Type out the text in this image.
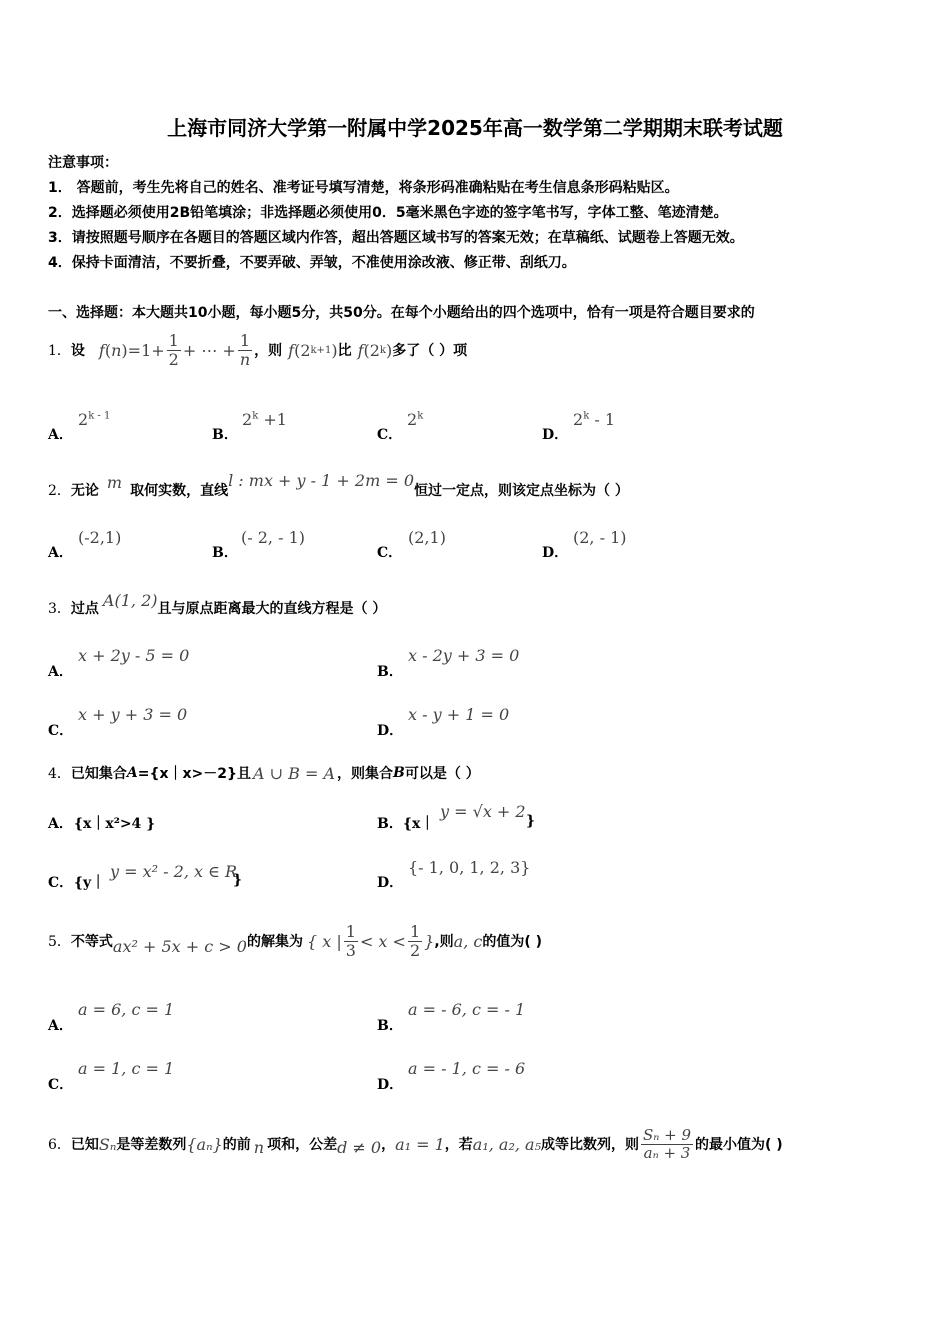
上海市同济大学第一附属中学2025年高一数学第二学期期末联考试题
注意事项：
1． 答题前，考生先将自己的姓名、准考证号填写清楚，将条形码准确粘贴在考生信息条形码粘贴区。
2．选择题必须使用2B铅笔填涂；非选择题必须使用0．5毫米黑色字迹的签字笔书写，字体工整、笔迹清楚。
3．请按照题号顺序在各题目的答题区域内作答，超出答题区域书写的答案无效；在草稿纸、试题卷上答题无效。
4．保持卡面清洁，不要折叠，不要弄破、弄皱，不准使用涂改液、修正带、刮纸刀。
一、选择题：本大题共10小题，每小题5分，共50分。在每个小题给出的四个选项中，恰有一项是符合题目要求的
1． 设 f ( n ) $=1+ \frac{1}{2}$ + ⋯ + $\frac{1}{n}$ ，则 f ( 2 k+1 ) 比 f ( 2 k ) 多了（ ）项
A．
2$^{k - 1}$
B．
$2^k +1$
C．
2$^k$
D．
2$^k$ - 1
2． 无论 m 取何实数，直线
l : mx + y - 1 + 2m = 0
恒过一定点，则该定点坐标为（ ）
A．
(-2,1)
B．
(- 2, - 1)
C．
(2,1)
D．
(2, - 1)
3． 过点 A(1, 2) 且与原点距离最大的直线方程是（ ）
A．
x + 2y - 5 = 0
B．
x - 2y + 3 = 0
C．
x + y + 3 = 0
D．
x - y + 1 = 0
4． 已知集合 A ={x｜x>－2}且 A ∪ B = A ，则集合 B 可以是（ ）
A． {x｜x²>4 }	B． {x｜
y = √x + 2 }
C． {y｜
y = x² - 2, x ∈ R
}	D．
{- 1, 0, 1, 2, 3}
5． 不等式 ax² + 5x + c > 0 的解集为 { x | $\frac{1}{3} < x < \frac{1}{2}$ } ,则 a, c 的值为( )
A．
a = 6, c = 1
B．
a = - 6, c = - 1
C．
a = 1, c = 1
D．
a = - 1, c = - 6
6． 已知 Sₙ 是等差数列 {aₙ} 的前 n 项和，公差 d ≠ 0 ， a₁ = 1 ，若 a₁, a₂, a₅ 成等比数列，则 $\frac{\text{Sₙ + 9}}{\text{aₙ + 3}}$ 的最小值为( )
